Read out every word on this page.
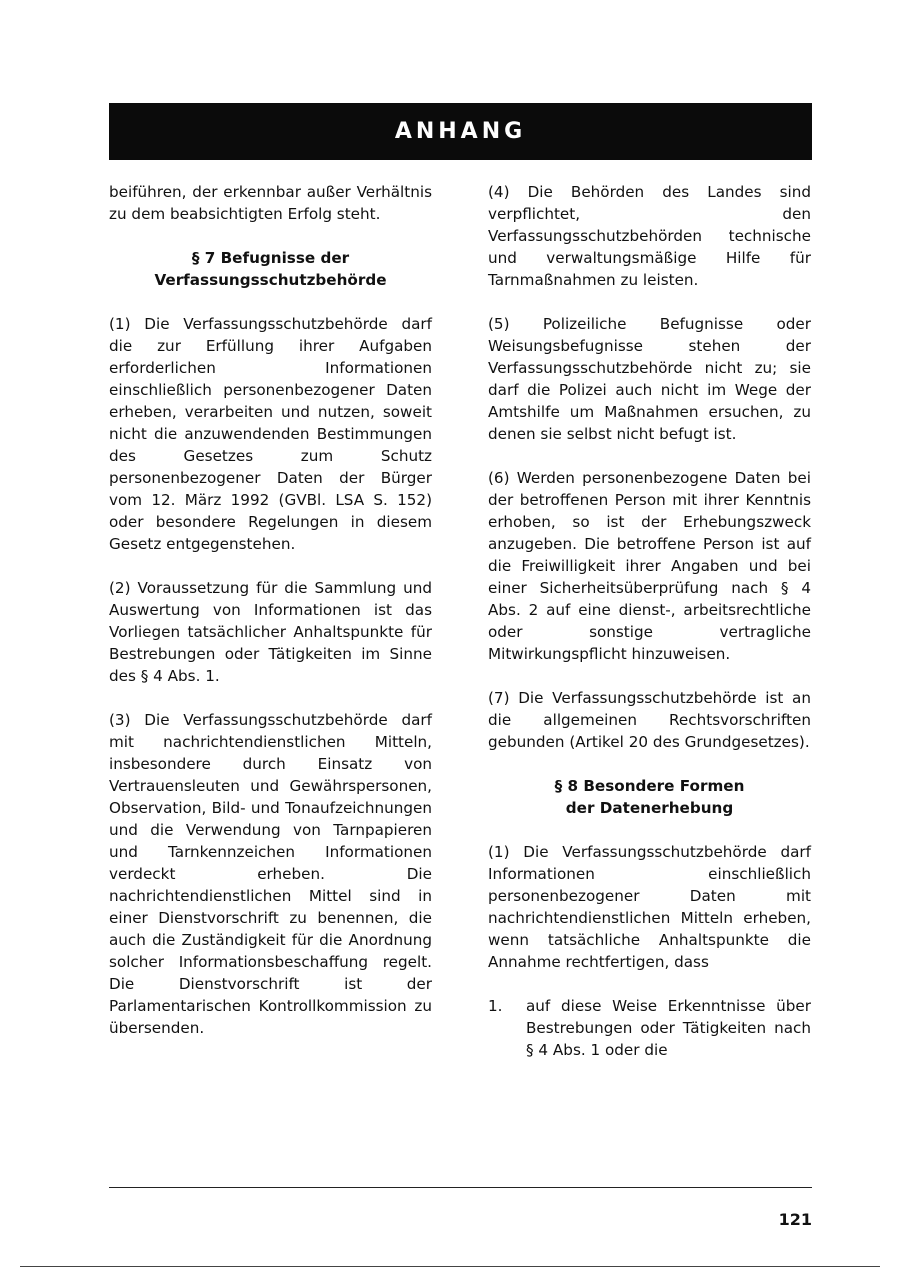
ANHANG

beiführen, der erkennbar außer Verhältnis zu dem beabsichtigten Erfolg steht.

§ 7 Befugnisse der
Verfassungsschutzbehörde

(1) Die Verfassungsschutzbehörde darf die zur Erfüllung ihrer Aufgaben erforderlichen Informationen einschließlich personenbezogener Daten erheben, verarbeiten und nutzen, soweit nicht die anzuwendenden Bestimmungen des Gesetzes zum Schutz personenbezogener Daten der Bürger vom 12. März 1992 (GVBl. LSA S. 152) oder besondere Regelungen in diesem Gesetz entgegenstehen.

(2) Voraussetzung für die Sammlung und Auswertung von Informationen ist das Vorliegen tatsächlicher Anhaltspunkte für Bestrebungen oder Tätigkeiten im Sinne des § 4 Abs. 1.

(3) Die Verfassungsschutzbehörde darf mit nachrichtendienstlichen Mitteln, insbesondere durch Einsatz von Vertrauensleuten und Gewährspersonen, Observation, Bild- und Tonaufzeichnungen und die Verwendung von Tarnpapieren und Tarnkennzeichen Informationen verdeckt erheben. Die nachrichtendienstlichen Mittel sind in einer Dienstvorschrift zu benennen, die auch die Zuständigkeit für die Anordnung solcher Informationsbeschaffung regelt. Die Dienstvorschrift ist der Parlamentarischen Kontrollkommission zu übersenden.

(4) Die Behörden des Landes sind verpflichtet, den Verfassungsschutzbehörden technische und verwaltungsmäßige Hilfe für Tarnmaßnahmen zu leisten.

(5) Polizeiliche Befugnisse oder Weisungsbefugnisse stehen der Verfassungsschutzbehörde nicht zu; sie darf die Polizei auch nicht im Wege der Amtshilfe um Maßnahmen ersuchen, zu denen sie selbst nicht befugt ist.

(6) Werden personenbezogene Daten bei der betroffenen Person mit ihrer Kenntnis erhoben, so ist der Erhebungszweck anzugeben. Die betroffene Person ist auf die Freiwilligkeit ihrer Angaben und bei einer Sicherheitsüberprüfung nach § 4 Abs. 2 auf eine dienst-, arbeitsrechtliche oder sonstige vertragliche Mitwirkungspflicht hinzuweisen.

(7) Die Verfassungsschutzbehörde ist an die allgemeinen Rechtsvorschriften gebunden (Artikel 20 des Grundgesetzes).

§ 8 Besondere Formen
der Datenerhebung

(1) Die Verfassungsschutzbehörde darf Informationen einschließlich personenbezogener Daten mit nachrichtendienstlichen Mitteln erheben, wenn tatsächliche Anhaltspunkte die Annahme rechtfertigen, dass

1.	auf diese Weise Erkenntnisse über Bestrebungen oder Tätigkeiten nach § 4 Abs. 1 oder die
121
